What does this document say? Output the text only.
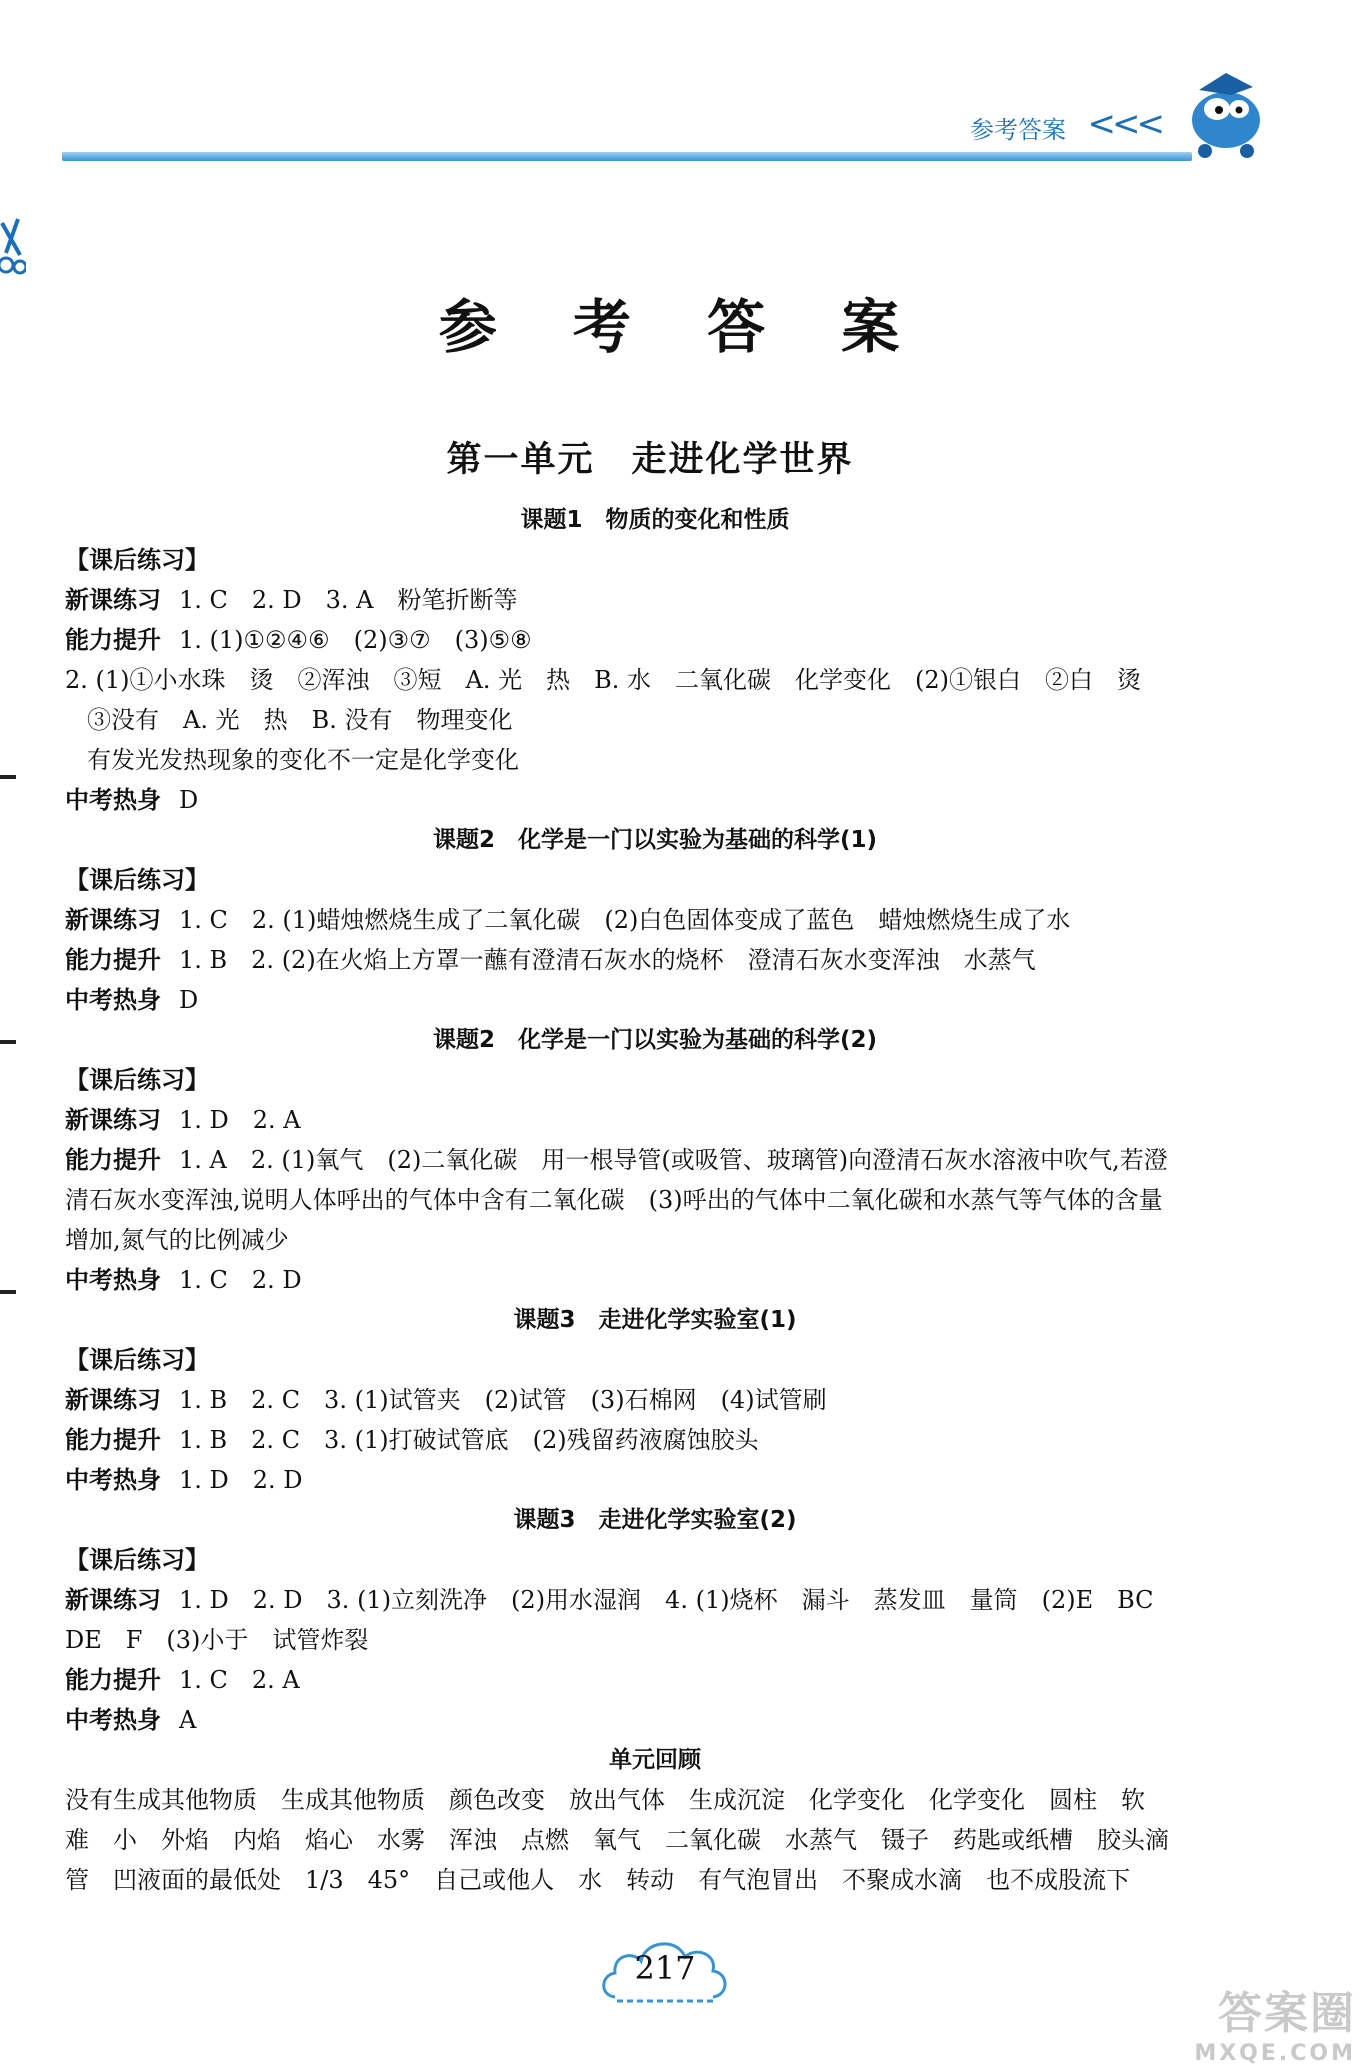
参考答案 <<<
参 考 答 案
第一单元　走进化学世界
课题1　物质的变化和性质
【课后练习】
新课练习 1. C　2. D　3. A　粉笔折断等
能力提升 1. (1)①②④⑥　(2)③⑦　(3)⑤⑧
2. (1)①小水珠　烫　②浑浊　③短　A. 光　热　B. 水　二氧化碳　化学变化　(2)①银白　②白　烫
③没有　A. 光　热　B. 没有　物理变化
有发光发热现象的变化不一定是化学变化
中考热身 D
课题2　化学是一门以实验为基础的科学(1)
【课后练习】
新课练习 1. C　2. (1)蜡烛燃烧生成了二氧化碳　(2)白色固体变成了蓝色　蜡烛燃烧生成了水
能力提升 1. B　2. (2)在火焰上方罩一蘸有澄清石灰水的烧杯　澄清石灰水变浑浊　水蒸气
中考热身 D
课题2　化学是一门以实验为基础的科学(2)
【课后练习】
新课练习 1. D　2. A
能力提升 1. A　2. (1)氧气　(2)二氧化碳　用一根导管(或吸管、玻璃管)向澄清石灰水溶液中吹气,若澄
清石灰水变浑浊,说明人体呼出的气体中含有二氧化碳　(3)呼出的气体中二氧化碳和水蒸气等气体的含量
增加,氮气的比例减少
中考热身 1. C　2. D
课题3　走进化学实验室(1)
【课后练习】
新课练习 1. B　2. C　3. (1)试管夹　(2)试管　(3)石棉网　(4)试管刷
能力提升 1. B　2. C　3. (1)打破试管底　(2)残留药液腐蚀胶头
中考热身 1. D　2. D
课题3　走进化学实验室(2)
【课后练习】
新课练习 1. D　2. D　3. (1)立刻洗净　(2)用水湿润　4. (1)烧杯　漏斗　蒸发皿　量筒　(2)E　BC
DE　F　(3)小于　试管炸裂
能力提升 1. C　2. A
中考热身 A
单元回顾
没有生成其他物质　生成其他物质　颜色改变　放出气体　生成沉淀　化学变化　化学变化　圆柱　软
难　小　外焰　内焰　焰心　水雾　浑浊　点燃　氧气　二氧化碳　水蒸气　镊子　药匙或纸槽　胶头滴
管　凹液面的最低处　1/3　45°　自己或他人　水　转动　有气泡冒出　不聚成水滴　也不成股流下
217
答案圈
MXQE.COM
